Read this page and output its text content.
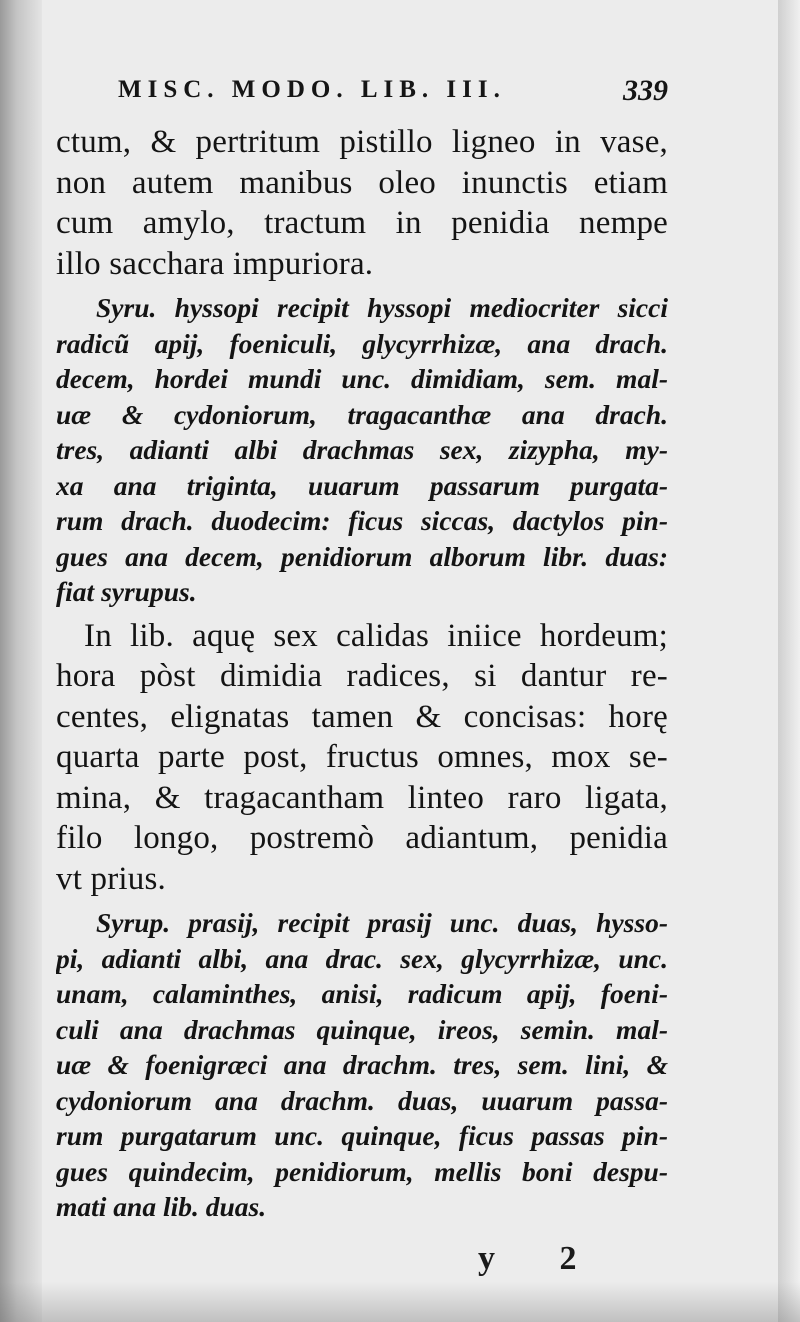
MISC. MODO. LIB. III.	339
ctum, & pertritum pistillo ligneo in vase,
non autem manibus oleo inunctis etiam
cum amylo, tractum in penidia nempe
illo sacchara impuriora.
Syru. hyssopi recipit hyssopi mediocriter sicci
radicũ apij, foeniculi, glycyrrhizæ, ana drach.
decem, hordei mundi unc. dimidiam, sem. mal-
uæ & cydoniorum, tragacanthæ ana drach.
tres, adianti albi drachmas sex, zizypha, my-
xa ana triginta, uuarum passarum purgata-
rum drach. duodecim: ficus siccas, dactylos pin-
gues ana decem, penidiorum alborum libr. duas:
fiat syrupus.
In lib. aquę sex calidas iniice hordeum;
hora pòst dimidia radices, si dantur re-
centes, elignatas tamen & concisas: horę
quarta parte post, fructus omnes, mox se-
mina, & tragacantham linteo raro ligata,
filo longo, postremò adiantum, penidia
vt prius.
Syrup. prasij, recipit prasij unc. duas, hysso-
pi, adianti albi, ana drac. sex, glycyrrhizæ, unc.
unam, calaminthes, anisi, radicum apij, foeni-
culi ana drachmas quinque, ireos, semin. mal-
uæ & foenigræci ana drachm. tres, sem. lini, &
cydoniorum ana drachm. duas, uuarum passa-
rum purgatarum unc. quinque, ficus passas pin-
gues quindecim, penidiorum, mellis boni despu-
mati ana lib. duas.
y 2
